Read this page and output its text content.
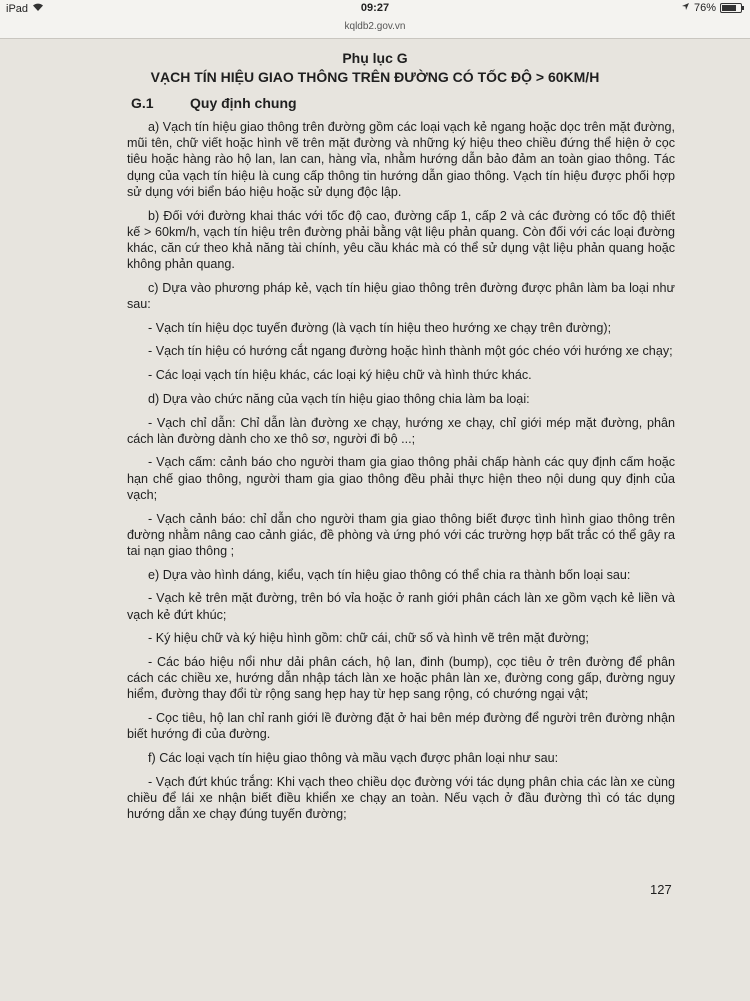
iPad	09:27	76%
kqldb2.gov.vn
Phụ lục G
VẠCH TÍN HIỆU GIAO THÔNG TRÊN ĐƯỜNG CÓ TỐC ĐỘ > 60KM/H
G.1	Quy định chung

a) Vạch tín hiệu giao thông trên đường gồm các loại vạch kẻ ngang hoặc dọc trên mặt đường, mũi tên, chữ viết hoặc hình vẽ trên mặt đường và những ký hiệu theo chiều đứng thể hiện ở cọc tiêu hoặc hàng rào hộ lan, lan can, hàng vỉa, nhằm hướng dẫn bảo đảm an toàn giao thông. Tác dụng của vạch tín hiệu là cung cấp thông tin hướng dẫn giao thông. Vạch tín hiệu được phối hợp sử dụng với biển báo hiệu hoặc sử dụng độc lập.

b) Đối với đường khai thác với tốc độ cao, đường cấp 1, cấp 2 và các đường có tốc độ thiết kế > 60km/h, vạch tín hiệu trên đường phải bằng vật liệu phản quang. Còn đối với các loại đường khác, căn cứ theo khả năng tài chính, yêu cầu khác mà có thể sử dụng vật liệu phản quang hoặc không phản quang.

c) Dựa vào phương pháp kẻ, vạch tín hiệu giao thông trên đường được phân làm ba loại như sau:

- Vạch tín hiệu dọc tuyến đường (là vạch tín hiệu theo hướng xe chạy trên đường);

- Vạch tín hiệu có hướng cắt ngang đường hoặc hình thành một góc chéo với hướng xe chạy;

- Các loại vạch tín hiệu khác, các loại ký hiệu chữ và hình thức khác.

d) Dựa vào chức năng của vạch tín hiệu giao thông chia làm ba loại:

- Vạch chỉ dẫn: Chỉ dẫn làn đường xe chạy, hướng xe chạy, chỉ giới mép mặt đường, phân cách làn đường dành cho xe thô sơ, người đi bộ ...;

- Vạch cấm: cảnh báo cho người tham gia giao thông phải chấp hành các quy định cấm hoặc hạn chế giao thông, người tham gia giao thông đều phải thực hiện theo nội dung quy định của vạch;

- Vạch cảnh báo: chỉ dẫn cho người tham gia giao thông biết được tình hình giao thông trên đường nhằm nâng cao cảnh giác, đề phòng và ứng phó với các trường hợp bất trắc có thể gây ra tai nạn giao thông ;

e) Dựa vào hình dáng, kiểu, vạch tín hiệu giao thông có thể chia ra thành bốn loại sau:

- Vạch kẻ trên mặt đường, trên bó vỉa hoặc ở ranh giới phân cách làn xe gồm vạch kẻ liền và vạch kẻ đứt khúc;

- Ký hiệu chữ và ký hiệu hình gồm: chữ cái, chữ số và hình vẽ trên mặt đường;

- Các báo hiệu nổi như dải phân cách, hộ lan, đinh (bump), cọc tiêu ở trên đường để phân cách các chiều xe, hướng dẫn nhập tách làn xe hoặc phân làn xe, đường cong gấp, đường nguy hiểm, đường thay đổi từ rộng sang hẹp hay từ hẹp sang rộng, có chướng ngại vật;

- Cọc tiêu, hộ lan chỉ ranh giới lề đường đặt ở hai bên mép đường để người trên đường nhận biết hướng đi của đường.

f) Các loại vạch tín hiệu giao thông và mầu vạch được phân loại như sau:

- Vạch đứt khúc trắng: Khi vạch theo chiều dọc đường với tác dụng phân chia các làn xe cùng chiều để lái xe nhận biết điều khiển xe chạy an toàn. Nếu vạch ở đầu đường thì có tác dụng hướng dẫn xe chạy đúng tuyến đường;

127
